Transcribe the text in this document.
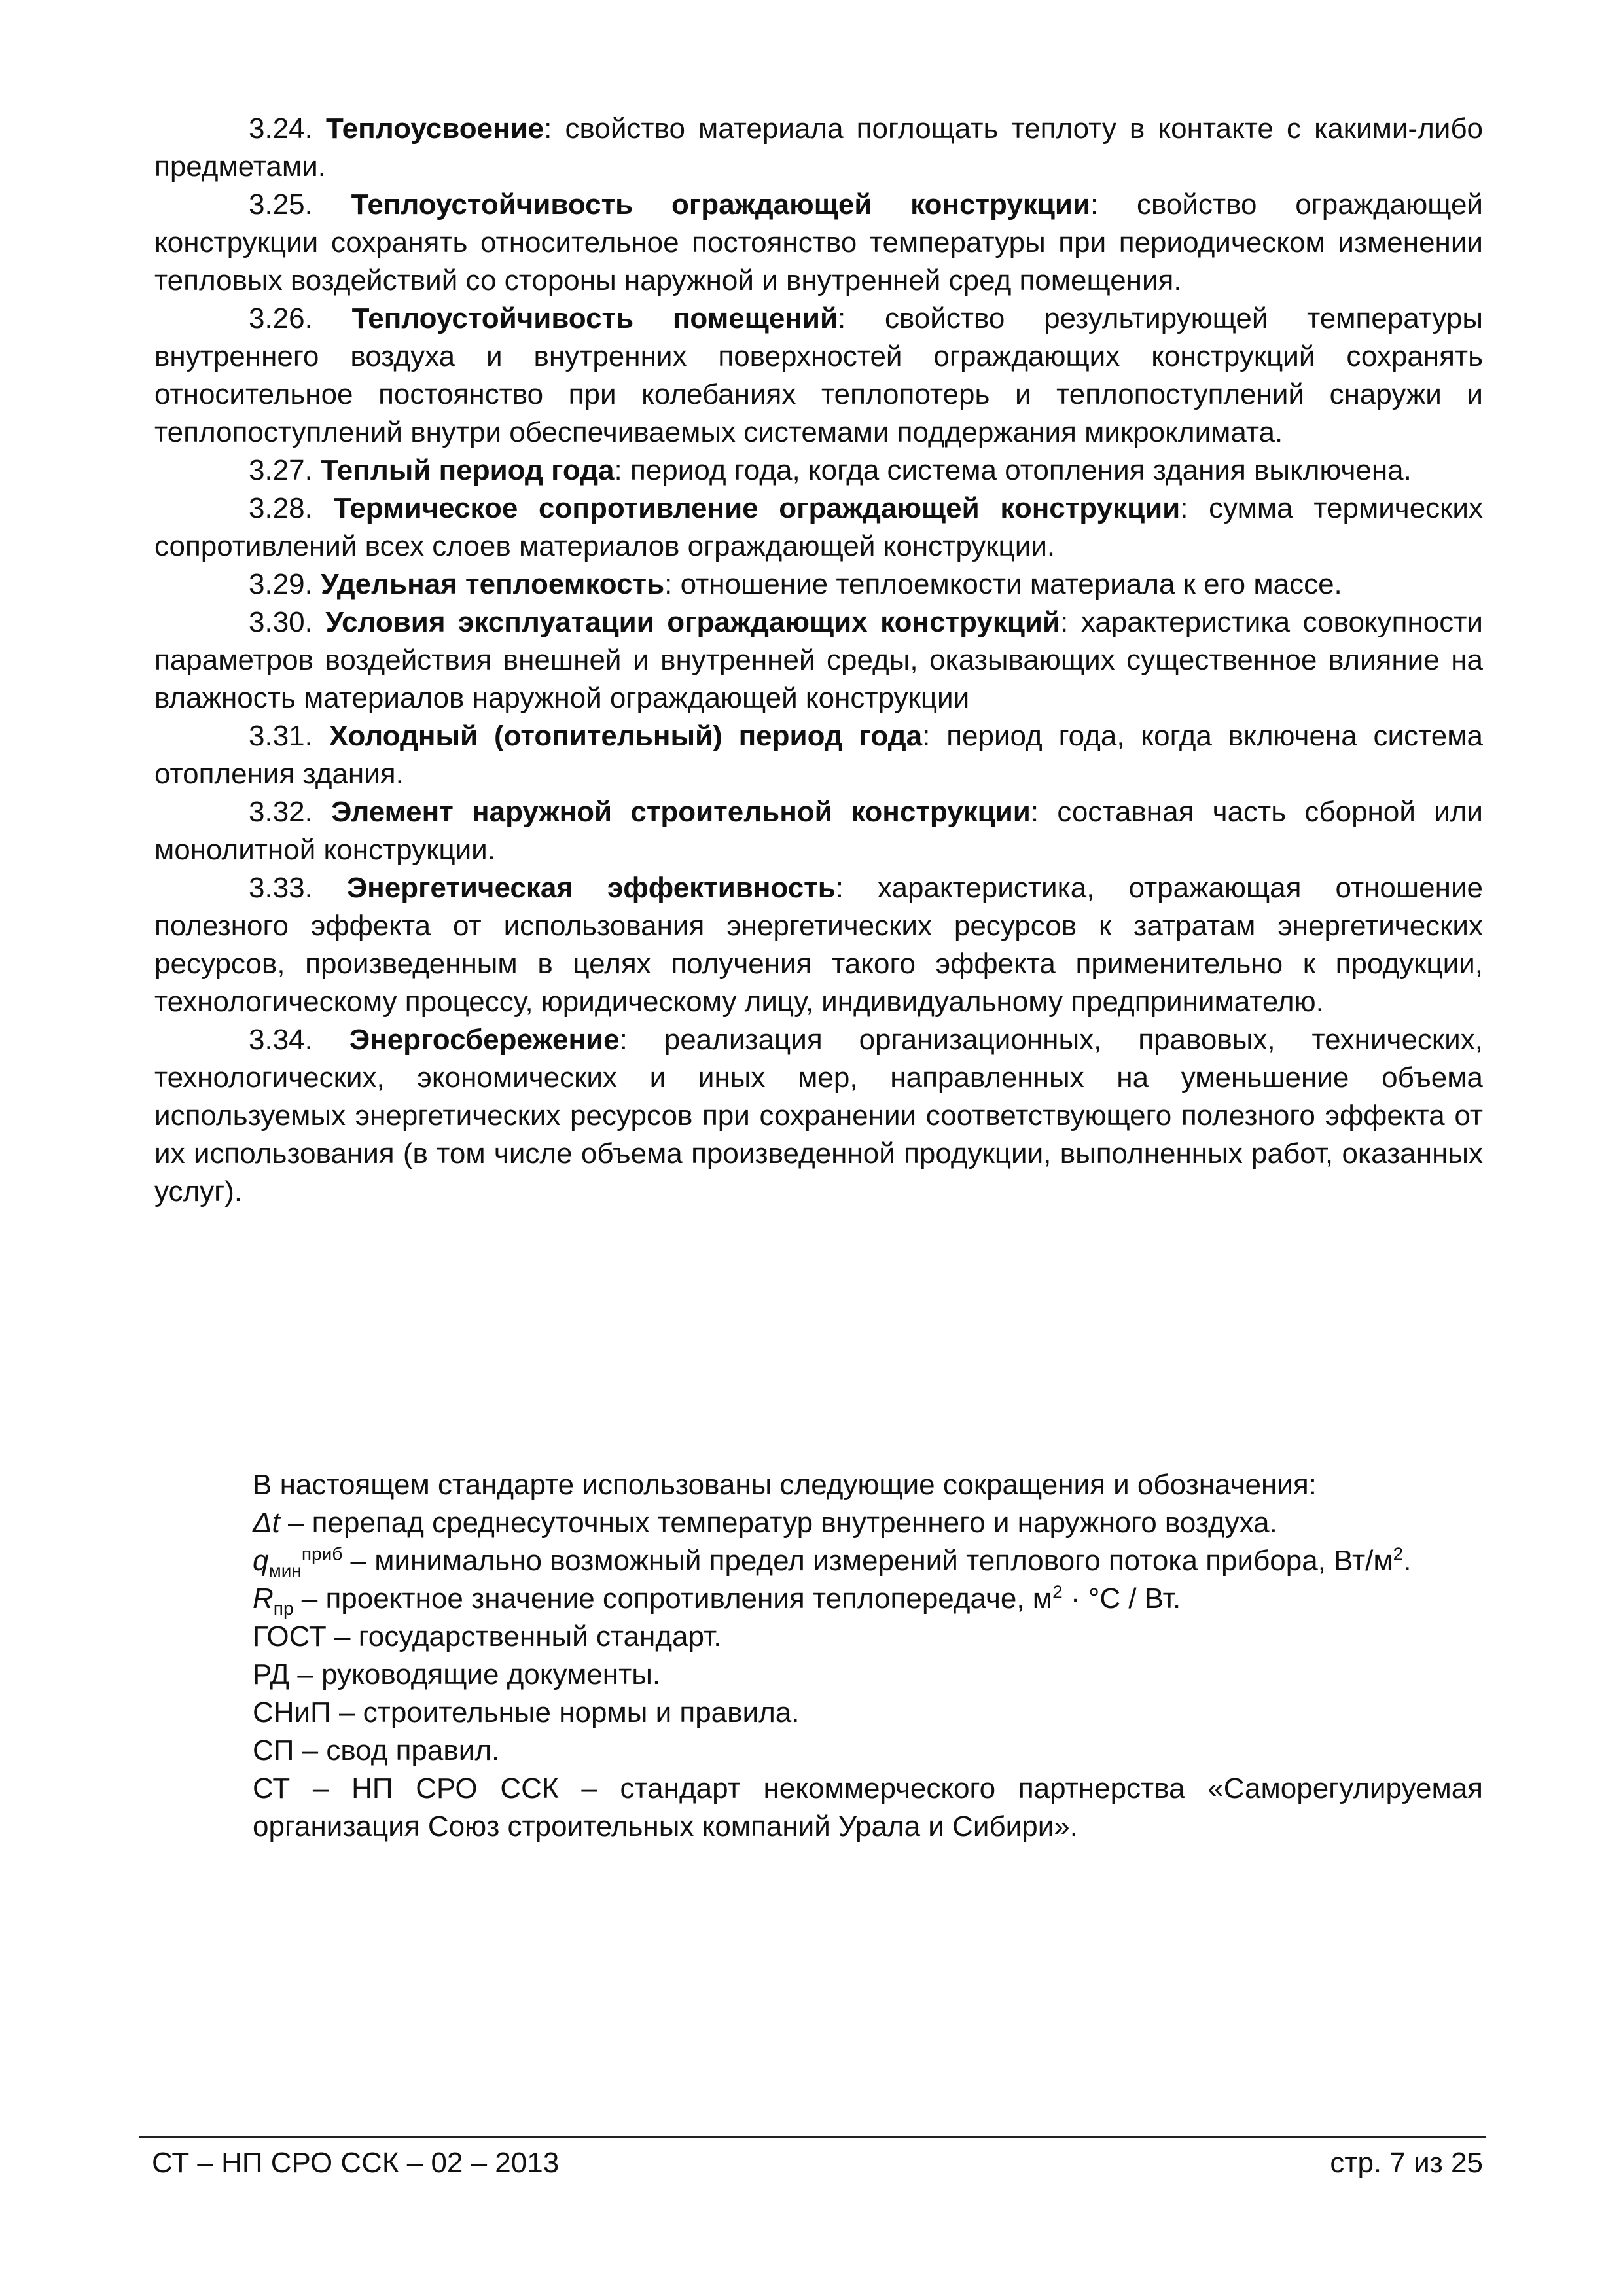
3.24. Теплоусвоение: свойство материала поглощать теплоту в контакте с какими-либо предметами.

3.25. Теплоустойчивость ограждающей конструкции: свойство ограждающей конструкции сохранять относительное постоянство температуры при периодическом изменении тепловых воздействий со стороны наружной и внутренней сред помещения.

3.26. Теплоустойчивость помещений: свойство результирующей температуры внутреннего воздуха и внутренних поверхностей ограждающих конструкций сохранять относительное постоянство при колебаниях теплопотерь и теплопоступлений снаружи и теплопоступлений внутри обеспечиваемых системами поддержания микроклимата.

3.27. Теплый период года: период года, когда система отопления здания выключена.

3.28. Термическое сопротивление ограждающей конструкции: сумма термических сопротивлений всех слоев материалов ограждающей конструкции.

3.29. Удельная теплоемкость: отношение теплоемкости материала к его массе.

3.30. Условия эксплуатации ограждающих конструкций: характеристика совокупности параметров воздействия внешней и внутренней среды, оказывающих существенное влияние на влажность материалов наружной ограждающей конструкции

3.31. Холодный (отопительный) период года: период года, когда включена система отопления здания.

3.32. Элемент наружной строительной конструкции: составная часть сборной или монолитной конструкции.

3.33. Энергетическая эффективность: характеристика, отражающая отношение полезного эффекта от использования энергетических ресурсов к затратам энергетических ресурсов, произведенным в целях получения такого эффекта применительно к продукции, технологическому процессу, юридическому лицу, индивидуальному предпринимателю.

3.34. Энергосбережение: реализация организационных, правовых, технических, технологических, экономических и иных мер, направленных на уменьшение объема используемых энергетических ресурсов при сохранении соответствующего полезного эффекта от их использования (в том числе объема произведенной продукции, выполненных работ, оказанных услуг).

В настоящем стандарте использованы следующие сокращения и обозначения:

Δt – перепад среднесуточных температур внутреннего и наружного воздуха.

$q_{мин}^{приб}$ – минимально возможный предел измерений теплового потока прибора, $Вт/м^2$.

$R_{пр}$ – проектное значение сопротивления теплопередаче, $м^2 \cdot ^\circ С$ / Вт.

ГОСТ – государственный стандарт.

РД – руководящие документы.

СНиП – строительные нормы и правила.

СП – свод правил.

СТ – НП СРО ССК – стандарт некоммерческого партнерства «Саморегулируемая организация Союз строительных компаний Урала и Сибири».

СТ – НП СРО ССК – 02 – 2013	стр. 7 из 25
